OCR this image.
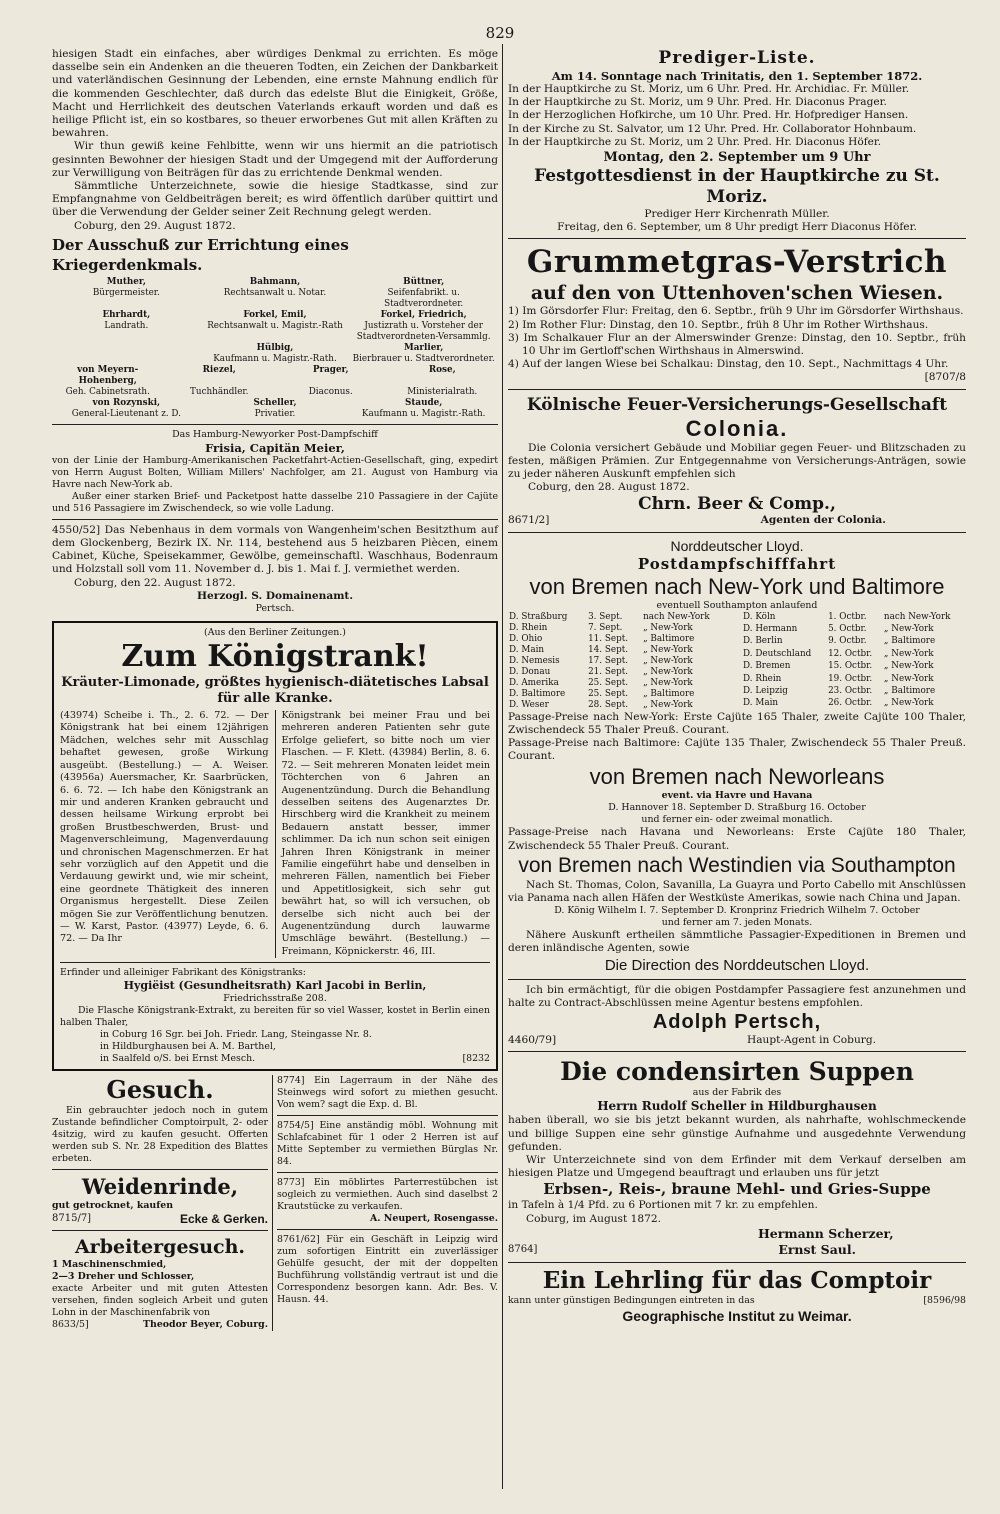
829

hiesigen Stadt ein einfaches, aber würdiges Denkmal zu errichten. Es möge dasselbe sein ein Andenken an die theueren Todten, ein Zeichen der Dankbarkeit und vaterländischen Gesinnung der Lebenden, eine ernste Mahnung endlich für die kommenden Geschlechter, daß durch das edelste Blut die Einigkeit, Größe, Macht und Herrlichkeit des deutschen Vaterlands erkauft worden und daß es heilige Pflicht ist, ein so kostbares, so theuer erworbenes Gut mit allen Kräften zu bewahren.

Wir thun gewiß keine Fehlbitte, wenn wir uns hiermit an die patriotisch gesinnten Bewohner der hiesigen Stadt und der Umgegend mit der Aufforderung zur Verwilligung von Beiträgen für das zu errichtende Denkmal wenden.

Sämmtliche Unterzeichnete, sowie die hiesige Stadtkasse, sind zur Empfangnahme von Geldbeiträgen bereit; es wird öffentlich darüber quittirt und über die Verwendung der Gelder seiner Zeit Rechnung gelegt werden.

Coburg, den 29. August 1872.

Der Ausschuß zur Errichtung eines Kriegerdenkmals.

Muther,	Bahmann,	Büttner,
Bürgermeister.	Rechtsanwalt u. Notar.	Seifenfabrikt. u. Stadtverordneter.
Ehrhardt,	Forkel, Emil,	Forkel, Friedrich,
Landrath.	Rechtsanwalt u. Magistr.-Rath	Justizrath u. Vorsteher der Stadtverordneten-Versammlg.
Hülbig,	Marlier,
Kaufmann u. Magistr.-Rath.	Bierbrauer u. Stadtverordneter.
von Meyern-Hohenberg,
Riezel,	Prager,	Rose,
Geh. Cabinetsrath.	Tuchhändler.	Diaconus.	Ministerialrath.
von Rozynski,	Scheller,	Staude,
General-Lieutenant z. D.	Privatier.	Kaufmann u. Magistr.-Rath.

Das Hamburg-Newyorker Post-Dampfschiff

Frisia, Capitän Meier,

von der Linie der Hamburg-Amerikanischen Packetfahrt-Actien-Gesellschaft, ging, expedirt von Herrn August Bolten, William Millers' Nachfolger, am 21. August von Hamburg via Havre nach New-York ab.

Außer einer starken Brief- und Packetpost hatte dasselbe 210 Passagiere in der Cajüte und 516 Passagiere im Zwischendeck, so wie volle Ladung.

4550/52] Das Nebenhaus in dem vormals von Wangenheim'schen Besitzthum auf dem Glockenberg, Bezirk IX. Nr. 114, bestehend aus 5 heizbaren Piècen, einem Cabinet, Küche, Speisekammer, Gewölbe, gemeinschaftl. Waschhaus, Bodenraum und Holzstall soll vom 11. November d. J. bis 1. Mai f. J. vermiethet werden.

Coburg, den 22. August 1872.

Herzogl. S. Domainenamt.

Pertsch.

(Aus den Berliner Zeitungen.)

Zum Königstrank!

Kräuter-Limonade, größtes hygienisch-diätetisches Labsal für alle Kranke.

(43974) Scheibe i. Th., 2. 6. 72. — Der Königstrank hat bei einem 12jährigen Mädchen, welches sehr mit Ausschlag behaftet gewesen, große Wirkung ausgeübt. (Bestellung.) — A. Weiser. (43956a) Auersmacher, Kr. Saarbrücken, 6. 6. 72. — Ich habe den Königstrank an mir und anderen Kranken gebraucht und dessen heilsame Wirkung erprobt bei großen Brustbeschwerden, Brust- und Magenverschleimung, Magenverdauung und chronischen Magenschmerzen. Er hat sehr vorzüglich auf den Appetit und die Verdauung gewirkt und, wie mir scheint, eine geordnete Thätigkeit des inneren Organismus hergestellt. Diese Zeilen mögen Sie zur Veröffentlichung benutzen. — W. Karst, Pastor. (43977) Leyde, 6. 6. 72. — Da Ihr

Königstrank bei meiner Frau und bei mehreren anderen Patienten sehr gute Erfolge geliefert, so bitte noch um vier Flaschen. — F. Klett. (43984) Berlin, 8. 6. 72. — Seit mehreren Monaten leidet mein Töchterchen von 6 Jahren an Augenentzündung. Durch die Behandlung desselben seitens des Augenarztes Dr. Hirschberg wird die Krankheit zu meinem Bedauern anstatt besser, immer schlimmer. Da ich nun schon seit einigen Jahren Ihren Königstrank in meiner Familie eingeführt habe und denselben in mehreren Fällen, namentlich bei Fieber und Appetitlosigkeit, sich sehr gut bewährt hat, so will ich versuchen, ob derselbe sich nicht auch bei der Augenentzündung durch lauwarme Umschläge bewährt. (Bestellung.) — Freimann, Köpnickerstr. 46, III.

Erfinder und alleiniger Fabrikant des Königstranks:

Hygiëist (Gesundheitsrath) Karl Jacobi in Berlin,

Friedrichsstraße 208.

Die Flasche Königstrank-Extrakt, zu bereiten für so viel Wasser, kostet in Berlin einen halben Thaler,

in Coburg 16 Sgr. bei Joh. Friedr. Lang, Steingasse Nr. 8.

in Hildburghausen bei A. M. Barthel,

in Saalfeld o/S. bei Ernst Mesch.	[8232

Gesuch.

Ein gebrauchter jedoch noch in gutem Zustande befindlicher Comptoirpult, 2- oder 4sitzig, wird zu kaufen gesucht. Offerten werden sub S. Nr. 28 Expedition des Blattes erbeten.

Weidenrinde,

gut getrocknet, kaufen

8715/7]	Ecke & Gerken.

Arbeitergesuch.

1 Maschinenschmied,

2—3 Dreher und Schlosser,

exacte Arbeiter und mit guten Attesten versehen, finden sogleich Arbeit und guten Lohn in der Maschinenfabrik von

8633/5]	Theodor Beyer, Coburg.

8774] Ein Lagerraum in der Nähe des Steinwegs wird sofort zu miethen gesucht. Von wem? sagt die Exp. d. Bl.

8754/5] Eine anständig möbl. Wohnung mit Schlafcabinet für 1 oder 2 Herren ist auf Mitte September zu vermiethen Bürglas Nr. 84.

8773] Ein möblirtes Parterrestübchen ist sogleich zu vermiethen. Auch sind daselbst 2 Krautstücke zu verkaufen.

A. Neupert, Rosengasse.

8761/62] Für ein Geschäft in Leipzig wird zum sofortigen Eintritt ein zuverlässiger Gehülfe gesucht, der mit der doppelten Buchführung vollständig vertraut ist und die Correspondenz besorgen kann. Adr. Bes. V. Hausn. 44.

Prediger-Liste.

Am 14. Sonntage nach Trinitatis, den 1. September 1872.

In der Hauptkirche zu St. Moriz, um 6 Uhr. Pred. Hr. Archidiac. Fr. Müller.

In der Hauptkirche zu St. Moriz, um 9 Uhr. Pred. Hr. Diaconus Prager.

In der Herzoglichen Hofkirche, um 10 Uhr. Pred. Hr. Hofprediger Hansen.

In der Kirche zu St. Salvator, um 12 Uhr. Pred. Hr. Collaborator Hohnbaum.

In der Hauptkirche zu St. Moriz, um 2 Uhr. Pred. Hr. Diaconus Höfer.

Montag, den 2. September um 9 Uhr

Festgottesdienst in der Hauptkirche zu St. Moriz.

Prediger Herr Kirchenrath Müller.

Freitag, den 6. September, um 8 Uhr predigt Herr Diaconus Höfer.

Grummetgras-Verstrich

auf den von Uttenhoven'schen Wiesen.

1) Im Görsdorfer Flur: Freitag, den 6. Septbr., früh 9 Uhr im Görsdorfer Wirthshaus.

2) Im Rother Flur: Dinstag, den 10. Septbr., früh 8 Uhr im Rother Wirthshaus.

3) Im Schalkauer Flur an der Almerswinder Grenze: Dinstag, den 10. Septbr., früh 10 Uhr im Gertloff'schen Wirthshaus in Almerswind.

4) Auf der langen Wiese bei Schalkau: Dinstag, den 10. Sept., Nachmittags 4 Uhr.

[8707/8

Kölnische Feuer-Versicherungs-Gesellschaft

Colonia.

Die Colonia versichert Gebäude und Mobiliar gegen Feuer- und Blitzschaden zu festen, mäßigen Prämien. Zur Entgegennahme von Versicherungs-Anträgen, sowie zu jeder näheren Auskunft empfehlen sich

Coburg, den 28. August 1872.

Chrn. Beer & Comp.,

8671/2]	Agenten der Colonia.

Norddeutscher Lloyd.

Postdampfschifffahrt

von Bremen nach New-York und Baltimore

eventuell Southampton anlaufend

D. Straßburg	3. Sept.	nach New-York
D. Rhein	7. Sept.	„ New-York
D. Ohio	11. Sept.	„ Baltimore
D. Main	14. Sept.	„ New-York
D. Nemesis	17. Sept.	„ New-York
D. Donau	21. Sept.	„ New-York
D. Amerika	25. Sept.	„ New-York
D. Baltimore	25. Sept.	„ Baltimore
D. Weser	28. Sept.	„ New-York
D. Köln	1. Octbr.	nach New-York
D. Hermann	5. Octbr.	„ New-York
D. Berlin	9. Octbr.	„ Baltimore
D. Deutschland	12. Octbr.	„ New-York
D. Bremen	15. Octbr.	„ New-York
D. Rhein	19. Octbr.	„ New-York
D. Leipzig	23. Octbr.	„ Baltimore
D. Main	26. Octbr.	„ New-York

Passage-Preise nach New-York: Erste Cajüte 165 Thaler, zweite Cajüte 100 Thaler, Zwischendeck 55 Thaler Preuß. Courant.

Passage-Preise nach Baltimore: Cajüte 135 Thaler, Zwischendeck 55 Thaler Preuß. Courant.

von Bremen nach Neworleans

event. via Havre und Havana

D. Hannover 18. September D. Straßburg 16. October

und ferner ein- oder zweimal monatlich.

Passage-Preise nach Havana und Neworleans: Erste Cajüte 180 Thaler, Zwischendeck 55 Thaler Preuß. Courant.

von Bremen nach Westindien via Southampton

Nach St. Thomas, Colon, Savanilla, La Guayra und Porto Cabello mit Anschlüssen via Panama nach allen Häfen der Westküste Amerikas, sowie nach China und Japan.

D. König Wilhelm I. 7. September D. Kronprinz Friedrich Wilhelm 7. October

und ferner am 7. jeden Monats.

Nähere Auskunft ertheilen sämmtliche Passagier-Expeditionen in Bremen und deren inländische Agenten, sowie

Die Direction des Norddeutschen Lloyd.

Ich bin ermächtigt, für die obigen Postdampfer Passagiere fest anzunehmen und halte zu Contract-Abschlüssen meine Agentur bestens empfohlen.

Adolph Pertsch,

4460/79]	Haupt-Agent in Coburg.

Die condensirten Suppen

aus der Fabrik des

Herrn Rudolf Scheller in Hildburghausen

haben überall, wo sie bis jetzt bekannt wurden, als nahrhafte, wohlschmeckende und billige Suppen eine sehr günstige Aufnahme und ausgedehnte Verwendung gefunden.

Wir Unterzeichnete sind von dem Erfinder mit dem Verkauf derselben am hiesigen Platze und Umgegend beauftragt und erlauben uns für jetzt

Erbsen-, Reis-, braune Mehl- und Gries-Suppe

in Tafeln à 1/4 Pfd. zu 6 Portionen mit 7 kr. zu empfehlen.

Coburg, im August 1872.

Hermann Scherzer,

8764]	Ernst Saul.

Ein Lehrling für das Comptoir

kann unter günstigen Bedingungen eintreten in das	[8596/98

Geographische Institut zu Weimar.
